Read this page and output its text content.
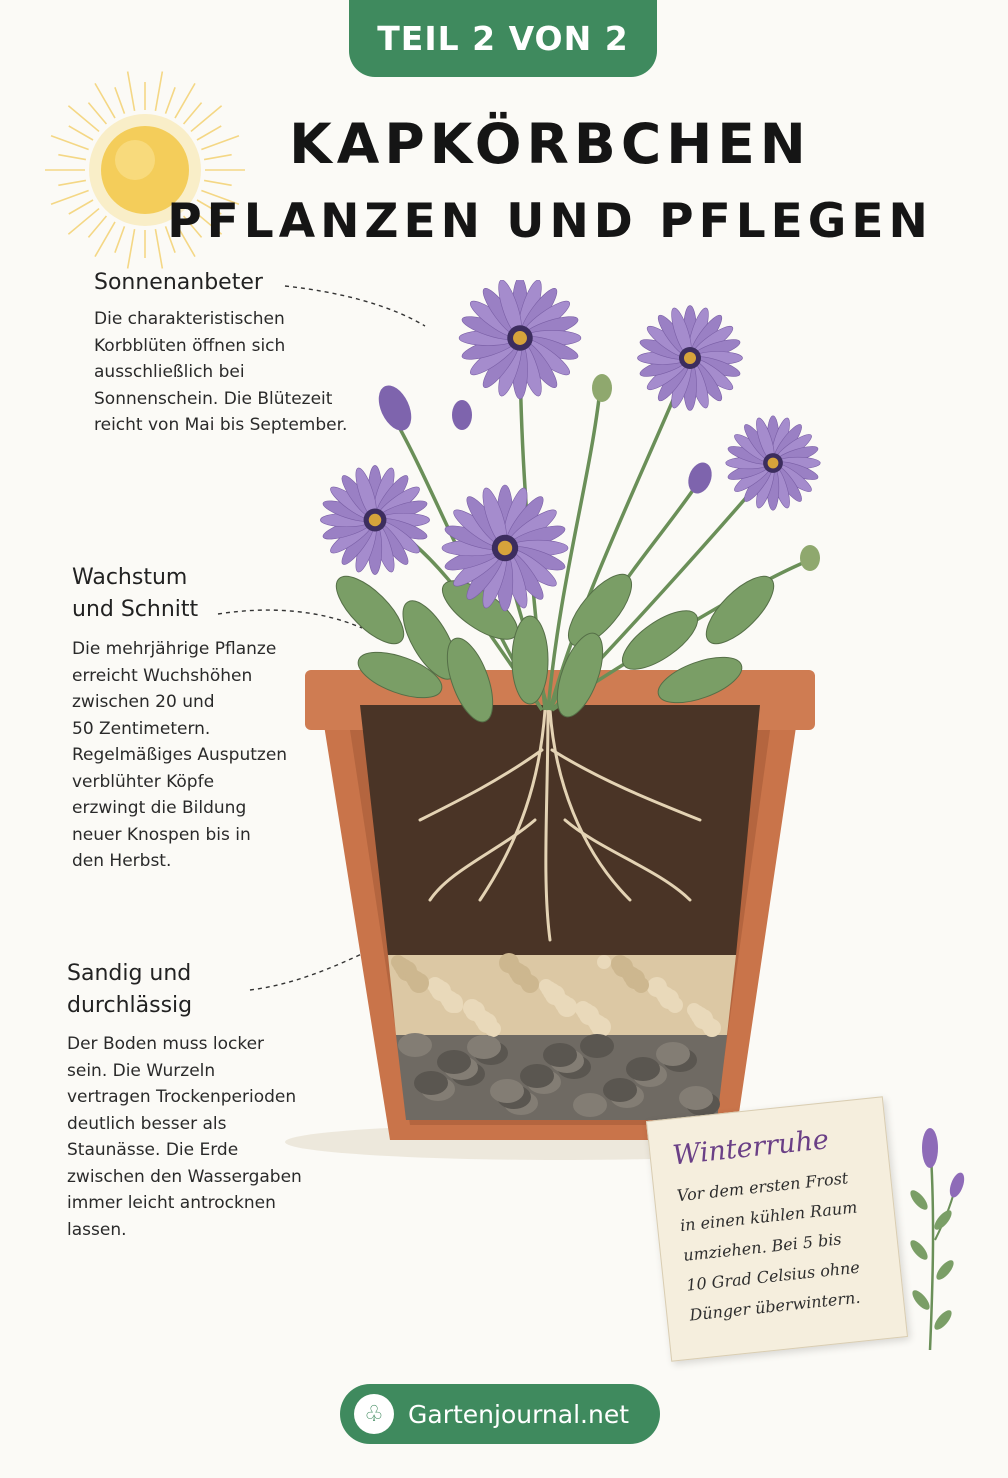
TEIL 2 VON 2
KAPKÖRBCHEN
PFLANZEN UND PFLEGEN
Sonnenanbeter
Die charakteristischen
Korbblüten öffnen sich
ausschließlich bei
Sonnenschein. Die Blütezeit
reicht von Mai bis September.
Wachstum
und Schnitt
Die mehrjährige Pflanze
erreicht Wuchshöhen
zwischen 20 und
50 Zentimetern.
Regelmäßiges Ausputzen
verblühter Köpfe
erzwingt die Bildung
neuer Knospen bis in
den Herbst.
Sandig und
durchlässig
Der Boden muss locker
sein. Die Wurzeln
vertragen Trockenperioden
deutlich besser als
Staunässe. Die Erde
zwischen den Wassergaben
immer leicht antrocknen
lassen.
Winterruhe
Vor dem ersten Frost
in einen kühlen Raum
umziehen. Bei 5 bis
10 Grad Celsius ohne
Dünger überwintern.
♧ Gartenjournal.net
